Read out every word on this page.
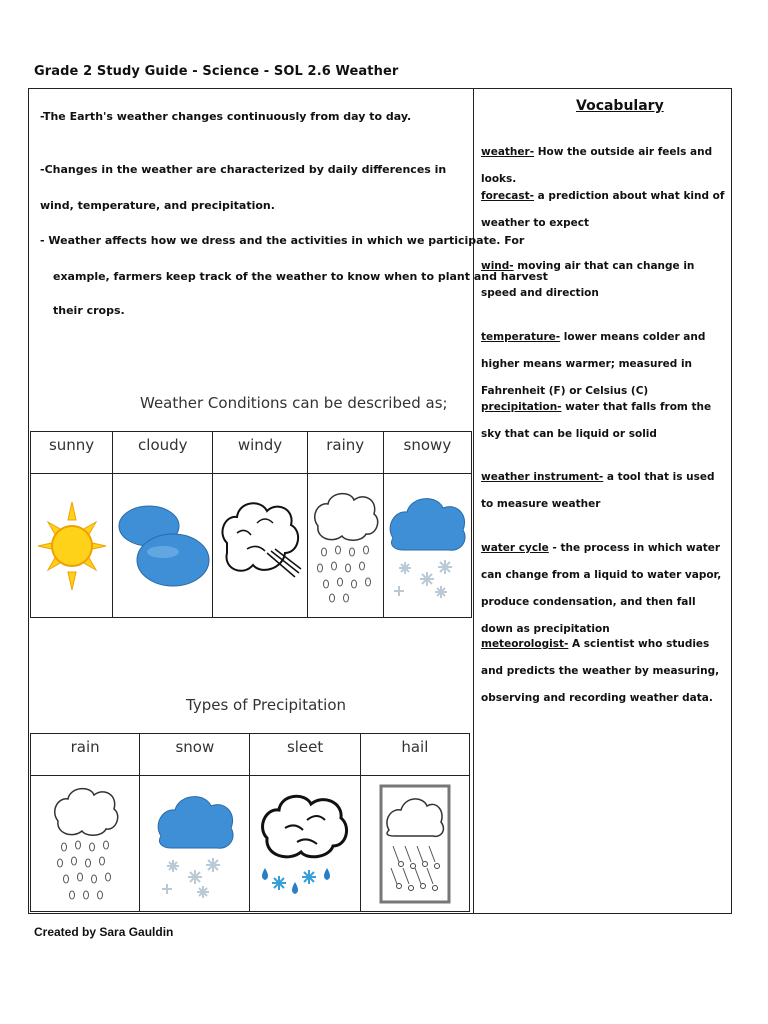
Grade 2 Study Guide - Science - SOL 2.6 Weather

-The Earth's weather changes continuously from day to day.

-Changes in the weather are characterized by daily differences in wind, temperature, and precipitation.

- Weather affects how we dress and the activities in which we participate. For

example, farmers keep track of the weather to know when to plant and harvest

their crops.

Weather Conditions can be described as;
sunny	cloudy	windy	rainy	snowy

Types of Precipitation
rain	snow	sleet	hail

Vocabulary

weather- How the outside air feels and looks.

forecast- a prediction about what kind of weather to expect

wind- moving air that can change in speed and direction

temperature- lower means colder and higher means warmer; measured in Fahrenheit (F) or Celsius (C)

precipitation- water that falls from the sky that can be liquid or solid

weather instrument- a tool that is used to measure weather

water cycle - the process in which water can change from a liquid to water vapor, produce condensation, and then fall down as precipitation

meteorologist- A scientist who studies and predicts the weather by measuring, observing and recording weather data.

Created by Sara Gauldin
